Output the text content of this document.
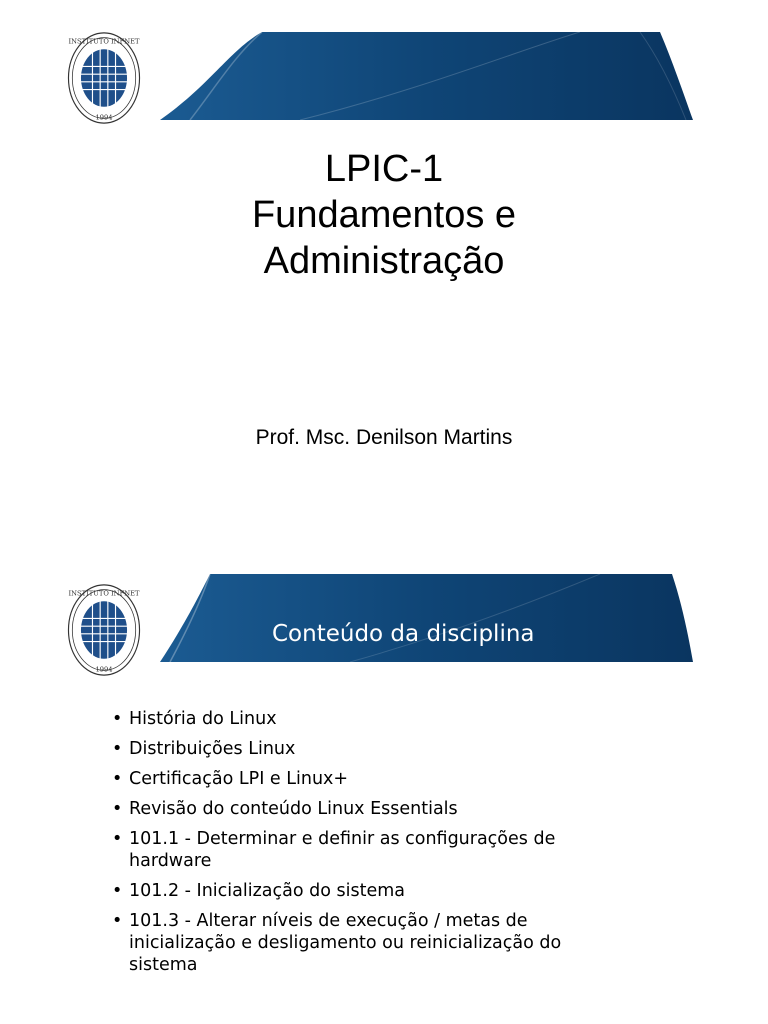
INSTITUTO INFNET
1994
LPIC-1
Fundamentos e
Administração
Prof. Msc. Denilson Martins
INSTITUTO INFNET
1994
Conteúdo da disciplina
• História do Linux
• Distribuições Linux
• Certificação LPI e Linux+
• Revisão do conteúdo Linux Essentials
• 101.1 - Determinar e definir as configurações de hardware
• 101.2 - Inicialização do sistema
• 101.3 - Alterar níveis de execução / metas de inicialização e desligamento ou reinicialização do sistema
